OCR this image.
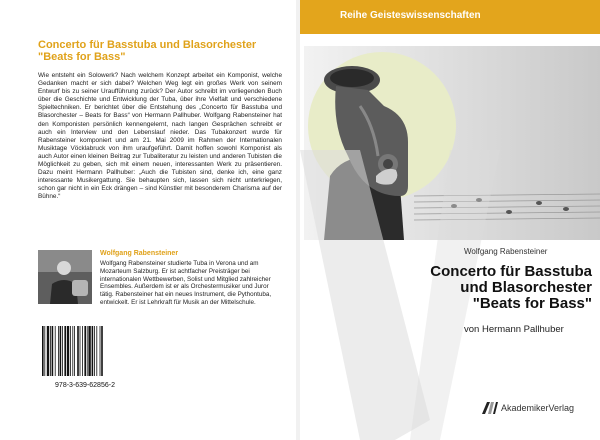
Concerto für Basstuba und Blasorchester "Beats for Bass"
Wie entsteht ein Solowerk? Nach welchem Konzept arbeitet ein Komponist, welche Gedanken macht er sich dabei? Welchen Weg legt ein großes Werk von seinem Entwurf bis zu seiner Uraufführung zurück? Der Autor schreibt im vorliegenden Buch über die Geschichte und Entwicklung der Tuba, über ihre Vielfalt und verschiedene Spieltechniken. Er berichtet über die Entstehung des „Concerto für Basstuba und Blasorchester – Beats for Bass“ von Hermann Pallhuber. Wolfgang Rabensteiner hat den Komponisten persönlich kennengelernt, nach langen Gesprächen schreibt er auch ein Interview und den Lebenslauf nieder. Das Tubakonzert wurde für Rabensteiner komponiert und am 21. Mai 2009 im Rahmen der Internationalen Musiktage Vöcklabruck von ihm uraufgeführt. Damit hoffen sowohl Komponist als auch Autor einen kleinen Beitrag zur Tubaliteratur zu leisten und anderen Tubisten die Möglichkeit zu geben, sich mit einem neuen, interessanten Werk zu präsentieren. Dazu meint Hermann Pallhuber: „Auch die Tubisten sind, denke ich, eine ganz interessante Musikergattung. Sie behaupten sich, lassen sich nicht unterkriegen, schon gar nicht in ein Eck drängen – sind Künstler mit besonderem Charisma auf der Bühne.“
Wolfgang Rabensteiner
Wolfgang Rabensteiner studierte Tuba in Verona und am Mozarteum Salzburg. Er ist achtfacher Preisträger bei internationalen Wettbewerben, Solist und Mitglied zahlreicher Ensembles. Außerdem ist er als Orchestermusiker und Juror tätig. Rabensteiner hat ein neues Instrument, die Pythontuba, entwickelt. Er ist Lehrkraft für Musik an der Mittelschule.
978-3-639-62856-2
Reihe Geisteswissenschaften
Wolfgang Rabensteiner
Concerto für Basstuba
und Blasorchester
"Beats for Bass"
von Hermann Pallhuber
AkademikerVerlag
